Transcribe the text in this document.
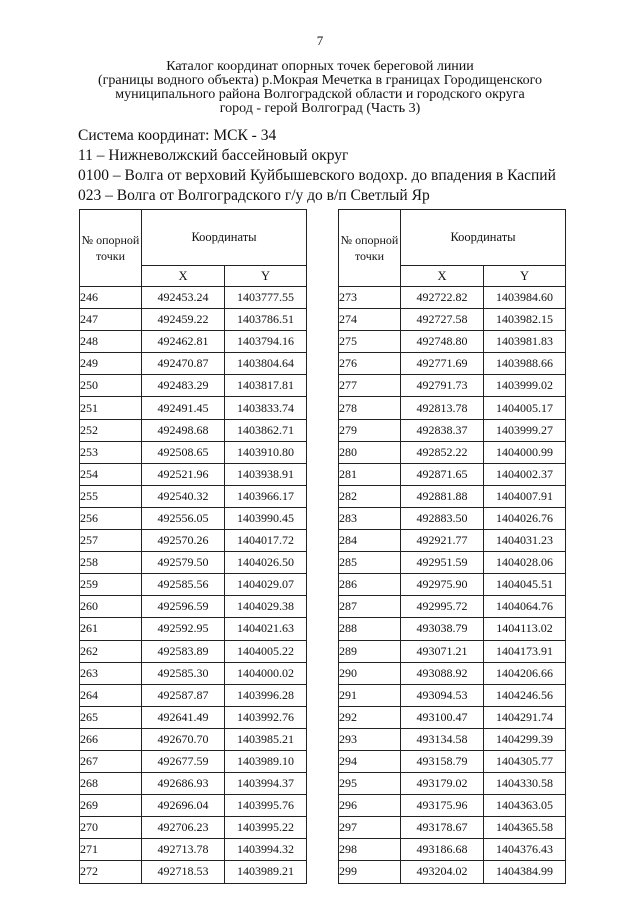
7
Каталог координат опорных точек береговой линии
(границы водного объекта) р.Мокрая Мечетка в границах Городищенского
муниципального района Волгоградской области и городского округа
город - герой Волгоград (Часть 3)
Система координат: МСК - 34
11 – Нижневолжский бассейновый округ
0100 – Волга от верховий Куйбышевского водохр. до впадения в Каспий
023 – Волга от Волгоградского г/у до в/п Светлый Яр
№ опорной точки	Координаты	
	X	Y
246	492453.24	1403777.55
247	492459.22	1403786.51
248	492462.81	1403794.16
249	492470.87	1403804.64
250	492483.29	1403817.81
251	492491.45	1403833.74
252	492498.68	1403862.71
253	492508.65	1403910.80
254	492521.96	1403938.91
255	492540.32	1403966.17
256	492556.05	1403990.45
257	492570.26	1404017.72
258	492579.50	1404026.50
259	492585.56	1404029.07
260	492596.59	1404029.38
261	492592.95	1404021.63
262	492583.89	1404005.22
263	492585.30	1404000.02
264	492587.87	1403996.28
265	492641.49	1403992.76
266	492670.70	1403985.21
267	492677.59	1403989.10
268	492686.93	1403994.37
269	492696.04	1403995.76
270	492706.23	1403995.22
271	492713.78	1403994.32
272	492718.53	1403989.21
№ опорной точки	Координаты	
	X	Y
273	492722.82	1403984.60
274	492727.58	1403982.15
275	492748.80	1403981.83
276	492771.69	1403988.66
277	492791.73	1403999.02
278	492813.78	1404005.17
279	492838.37	1403999.27
280	492852.22	1404000.99
281	492871.65	1404002.37
282	492881.88	1404007.91
283	492883.50	1404026.76
284	492921.77	1404031.23
285	492951.59	1404028.06
286	492975.90	1404045.51
287	492995.72	1404064.76
288	493038.79	1404113.02
289	493071.21	1404173.91
290	493088.92	1404206.66
291	493094.53	1404246.56
292	493100.47	1404291.74
293	493134.58	1404299.39
294	493158.79	1404305.77
295	493179.02	1404330.58
296	493175.96	1404363.05
297	493178.67	1404365.58
298	493186.68	1404376.43
299	493204.02	1404384.99
